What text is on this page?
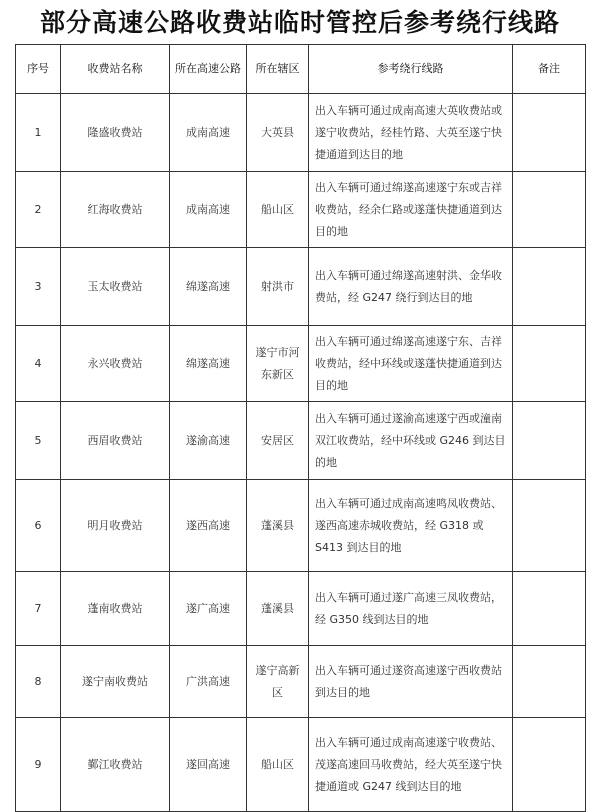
部分高速公路收费站临时管控后参考绕行线路
序号	收费站名称	所在高速公路	所在辖区	参考绕行线路	备注
1	隆盛收费站	成南高速	大英县	出入车辆可通过成南高速大英收费站或遂宁收费站，经桂竹路、大英至遂宁快捷通道到达目的地	
2	红海收费站	成南高速	船山区	出入车辆可通过绵遂高速遂宁东或吉祥收费站，经余仁路或遂蓬快捷通道到达目的地	
3	玉太收费站	绵遂高速	射洪市	出入车辆可通过绵遂高速射洪、金华收费站，经 G247 绕行到达目的地	
4	永兴收费站	绵遂高速	遂宁市河东新区	出入车辆可通过绵遂高速遂宁东、吉祥收费站，经中环线或遂蓬快捷通道到达目的地	
5	西眉收费站	遂渝高速	安居区	出入车辆可通过遂渝高速遂宁西或潼南双江收费站，经中环线或 G246 到达目的地	
6	明月收费站	遂西高速	蓬溪县	出入车辆可通过成南高速鸣凤收费站、遂西高速赤城收费站，经 G318 或 S413 到达目的地	
7	蓬南收费站	遂广高速	蓬溪县	出入车辆可通过遂广高速三凤收费站，经 G350 线到达目的地	
8	遂宁南收费站	广洪高速	遂宁高新区	出入车辆可通过遂资高速遂宁西收费站到达目的地	
9	鄞江收费站	遂回高速	船山区	出入车辆可通过成南高速遂宁收费站、茂遂高速回马收费站，经大英至遂宁快捷通道或 G247 线到达目的地	
